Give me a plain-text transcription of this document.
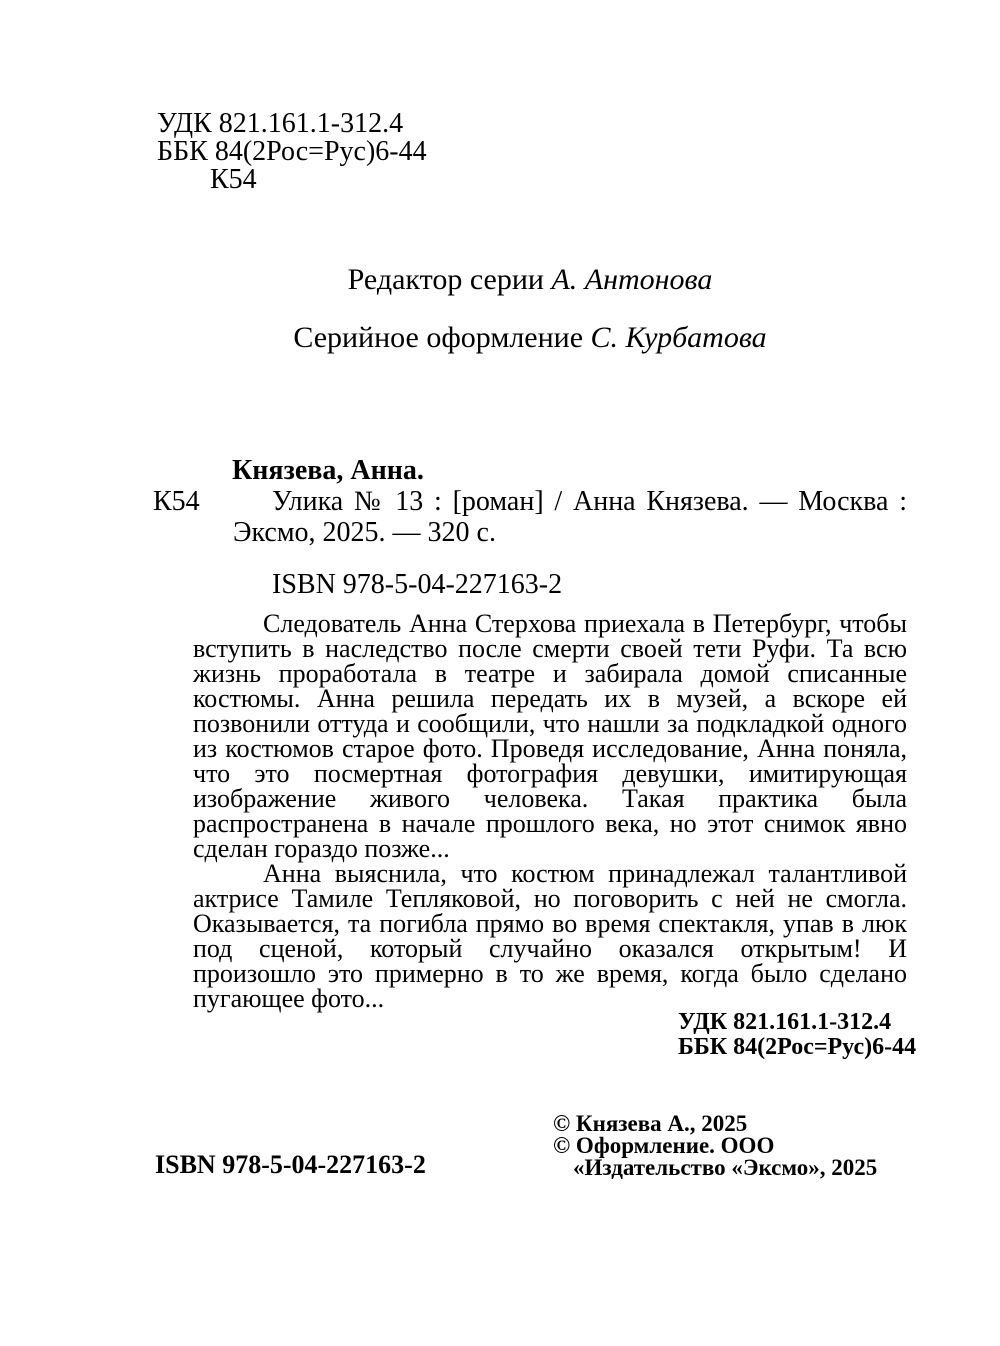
УДК 821.161.1-312.4
ББК 84(2Рос=Рус)6-44
К54
Редактор серии А. Антонова
Серийное оформление С. Курбатова
Князева, Анна.
К54	Улика № 13 : [роман] / Анна Князева. — Москва : Эксмо, 2025. — 320 с.

ISBN 978-5-04-227163-2

Следователь Анна Стерхова приехала в Петербург, чтобы вступить в наследство после смерти своей тети Руфи. Та всю жизнь проработала в театре и забирала домой списанные костюмы. Анна решила передать их в музей, а вскоре ей позвонили оттуда и сообщили, что нашли за подкладкой одного из костюмов старое фото. Проведя исследование, Анна поняла, что это посмертная фотография девушки, имитирующая изображение живого человека. Такая практика была распространена в начале прошлого века, но этот снимок явно сделан гораздо позже...

Анна выяснила, что костюм принадлежал талантливой актрисе Тамиле Тепляковой, но поговорить с ней не смогла. Оказывается, та погибла прямо во время спектакля, упав в люк под сценой, который случайно оказался открытым! И произошло это примерно в то же время, когда было сделано пугающее фото...

УДК 821.161.1-312.4
ББК 84(2Рос=Рус)6-44
© Князева А., 2025
© Оформление. ООО «Издательство «Эксмо», 2025
ISBN 978-5-04-227163-2
